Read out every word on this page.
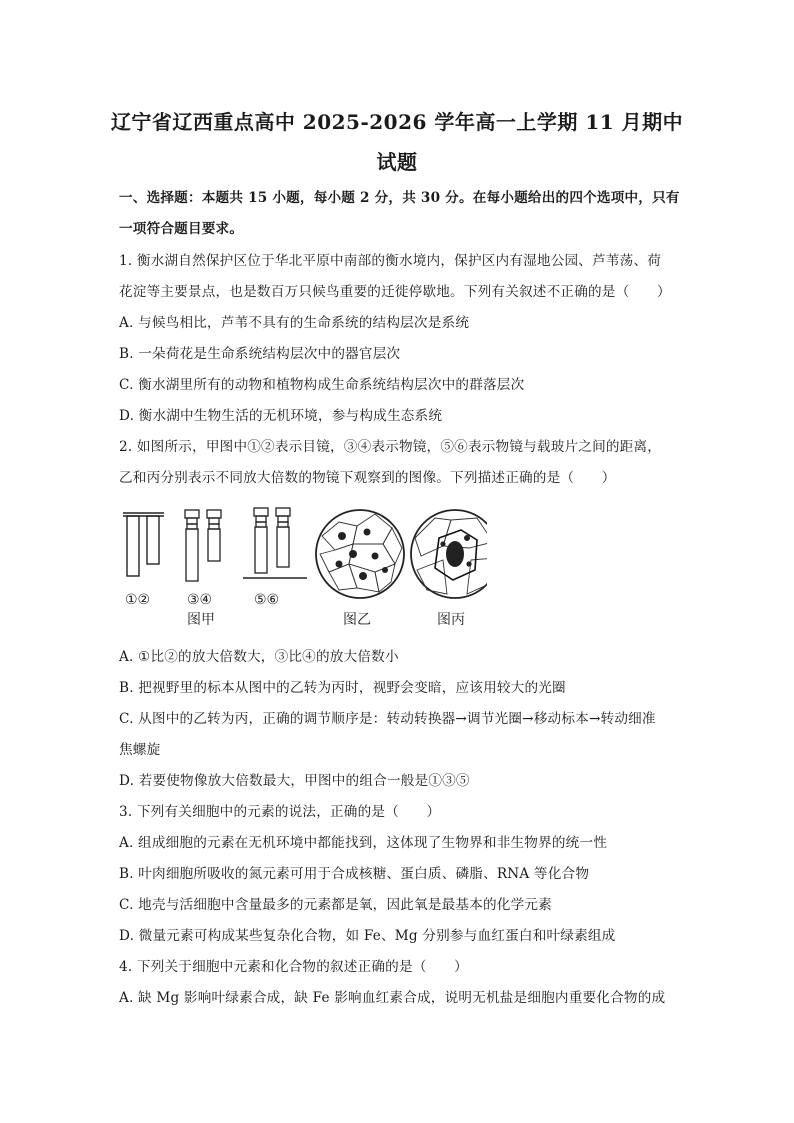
辽宁省辽西重点高中 2025-2026 学年高一上学期 11 月期中
试题
一、选择题：本题共 15 小题，每小题 2 分，共 30 分。在每小题给出的四个选项中，只有
一项符合题目要求。
1. 衡水湖自然保护区位于华北平原中南部的衡水境内，保护区内有湿地公园、芦苇荡、荷
花淀等主要景点，也是数百万只候鸟重要的迁徙停歇地。下列有关叙述不正确的是（　　）
A. 与候鸟相比，芦苇不具有的生命系统的结构层次是系统
B. 一朵荷花是生命系统结构层次中的器官层次
C. 衡水湖里所有的动物和植物构成生命系统结构层次中的群落层次
D. 衡水湖中生物生活的无机环境，参与构成生态系统
2. 如图所示，甲图中①②表示目镜，③④表示物镜，⑤⑥表示物镜与载玻片之间的距离，
乙和丙分别表示不同放大倍数的物镜下观察到的图像。下列描述正确的是（　　）
①②	③④	⑤⑥
图甲	图乙	图丙
A. ①比②的放大倍数大，③比④的放大倍数小
B. 把视野里的标本从图中的乙转为丙时，视野会变暗，应该用较大的光圈
C. 从图中的乙转为丙，正确的调节顺序是：转动转换器→调节光圈→移动标本→转动细准
焦螺旋
D. 若要使物像放大倍数最大，甲图中的组合一般是①③⑤
3. 下列有关细胞中的元素的说法，正确的是（　　）
A. 组成细胞的元素在无机环境中都能找到，这体现了生物界和非生物界的统一性
B. 叶肉细胞所吸收的氮元素可用于合成核糖、蛋白质、磷脂、RNA 等化合物
C. 地壳与活细胞中含量最多的元素都是氧，因此氧是最基本的化学元素
D. 微量元素可构成某些复杂化合物，如 Fe、Mg 分别参与血红蛋白和叶绿素组成
4. 下列关于细胞中元素和化合物的叙述正确的是（　　）
A. 缺 Mg 影响叶绿素合成，缺 Fe 影响血红素合成，说明无机盐是细胞内重要化合物的成
